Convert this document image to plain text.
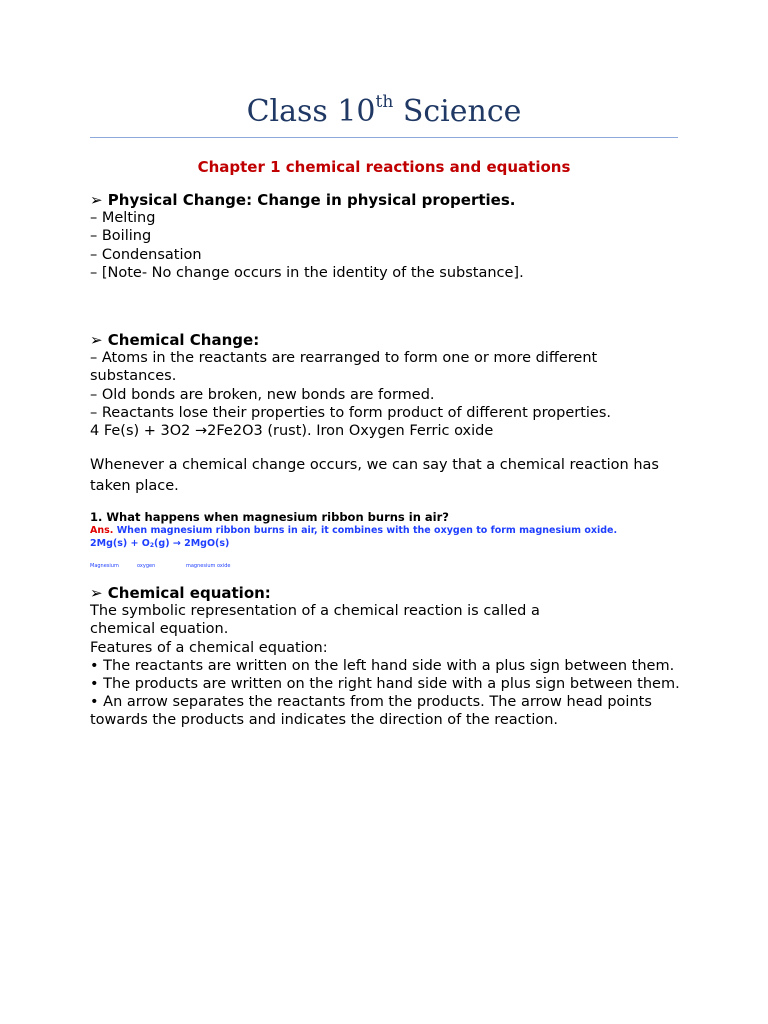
Class 10th Science
Chapter 1 chemical reactions and equations

➢ Physical Change: Change in physical properties.

– Melting

– Boiling

– Condensation

– [Note- No change occurs in the identity of the substance].

➢ Chemical Change:

– Atoms in the reactants are rearranged to form one or more different substances.

– Old bonds are broken, new bonds are formed.

– Reactants lose their properties to form product of different properties.

4 Fe(s) + 3O2 →2Fe2O3 (rust). Iron Oxygen Ferric oxide

Whenever a chemical change occurs, we can say that a chemical reaction has taken place.

1. What happens when magnesium ribbon burns in air?

Ans. When magnesium ribbon burns in air, it combines with the oxygen to form magnesium oxide.
$2Mg(s) + O_2(g) \to 2MgO(s)$
Magnesium	oxygen	magnesium oxide

➢ Chemical equation:

The symbolic representation of a chemical reaction is called a

chemical equation.

Features of a chemical equation:

• The reactants are written on the left hand side with a plus sign between them.

• The products are written on the right hand side with a plus sign between them.

• An arrow separates the reactants from the products. The arrow head points towards the products and indicates the direction of the reaction.
